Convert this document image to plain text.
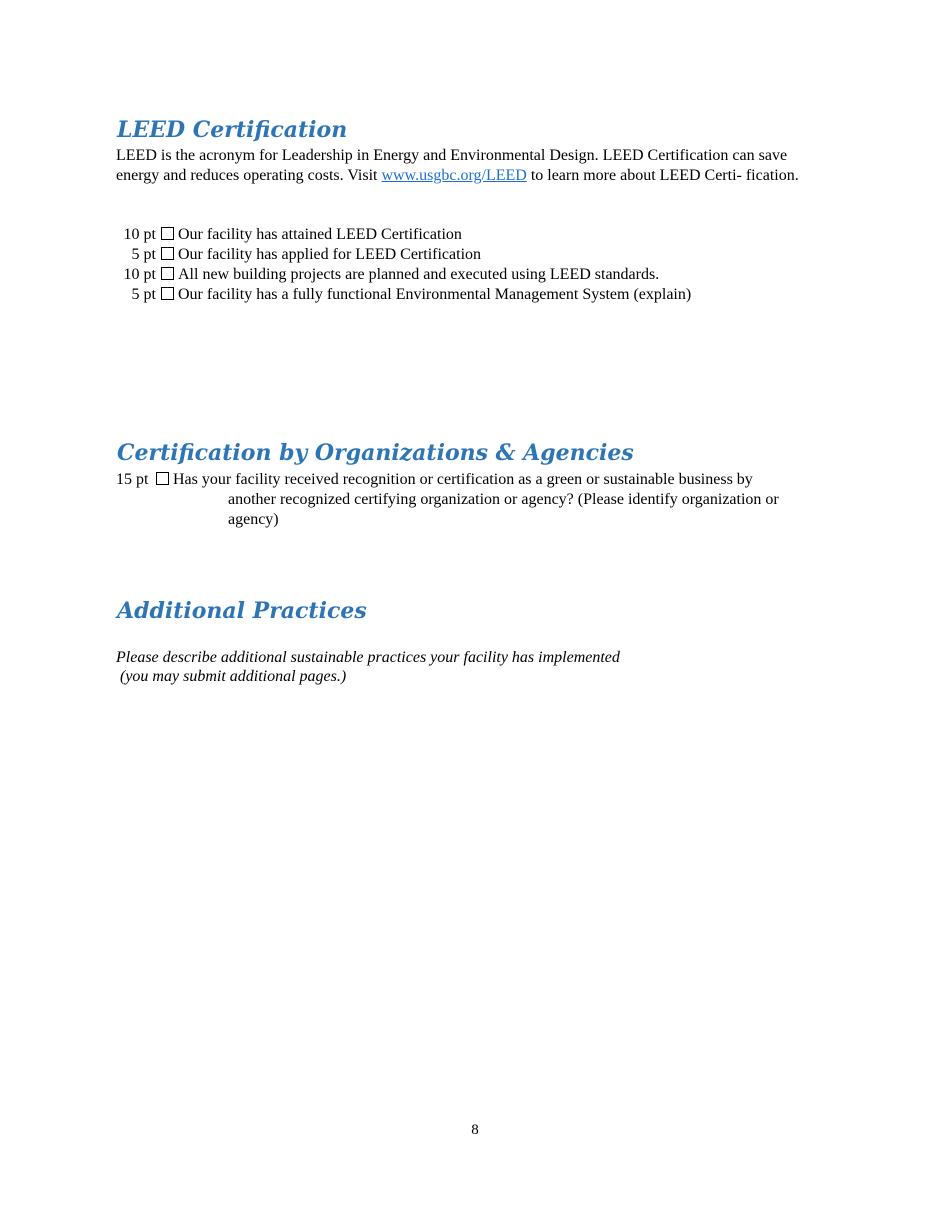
LEED Certification

LEED is the acronym for Leadership in Energy and Environmental Design. LEED Certification can save energy and reduces operating costs. Visit www.usgbc.org/LEED to learn more about LEED Certi- fication.

10 pt Our facility has attained LEED Certification
5 pt Our facility has applied for LEED Certification
10 pt All new building projects are planned and executed using LEED standards.
5 pt Our facility has a fully functional Environmental Management System (explain)
Certification by Organizations & Agencies
15 pt Has your facility received recognition or certification as a green or sustainable business by
another recognized certifying organization or agency? (Please identify organization or
agency)
Additional Practices
Please describe additional sustainable practices your facility has implemented
(you may submit additional pages.)
8
